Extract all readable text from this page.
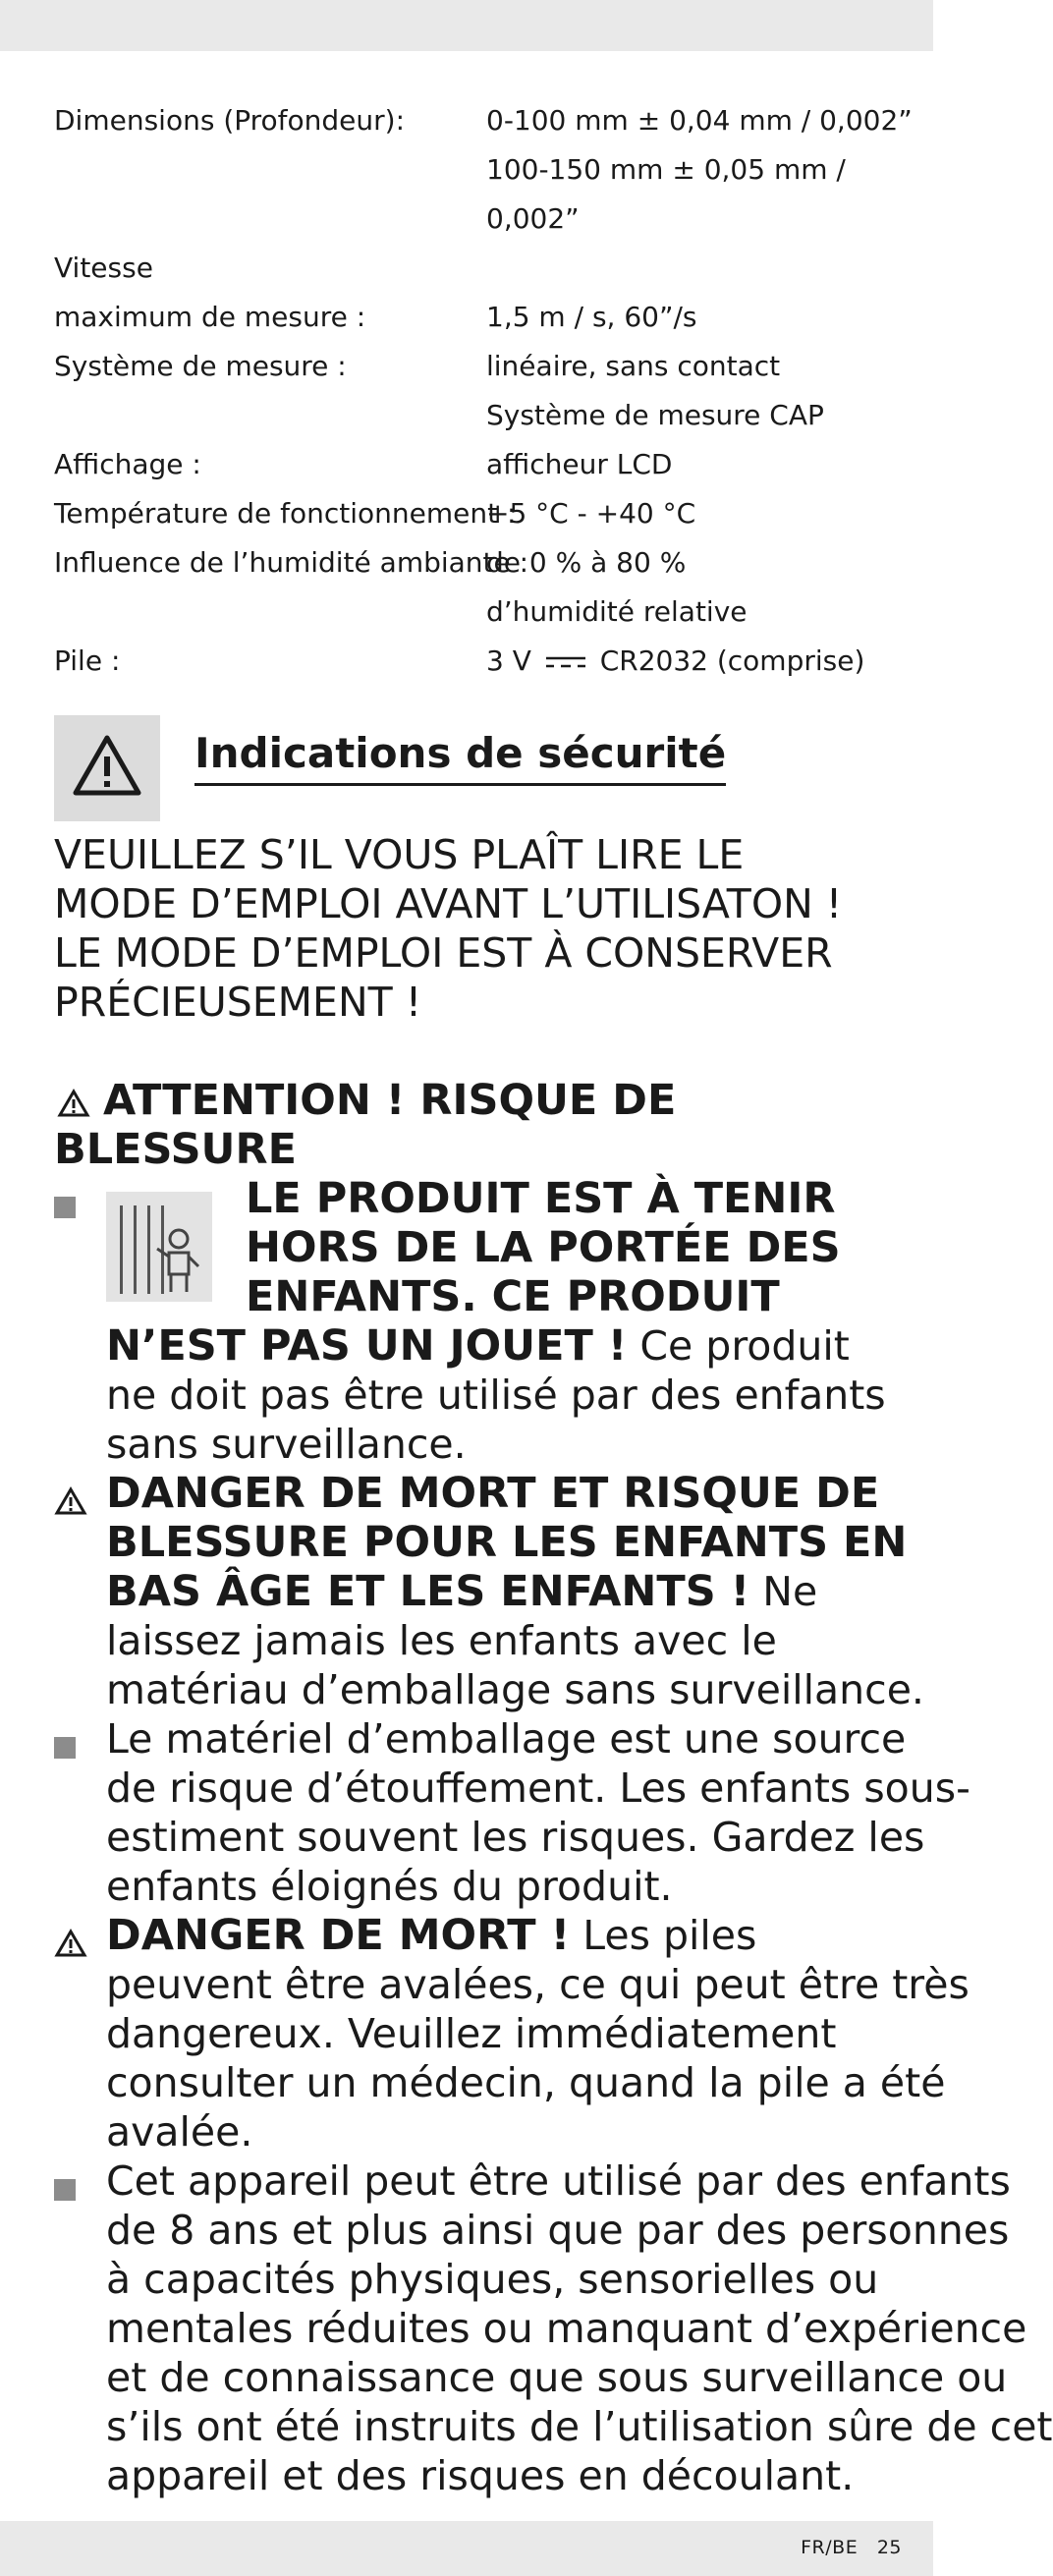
Dimensions (Profondeur):	0-100 mm ± 0,04 mm / 0,002”
100-150 mm ± 0,05 mm /
0,002”
Vitesse
maximum de mesure :	1,5 m / s, 60”/s
Système de mesure :	linéaire, sans contact
Système de mesure CAP
Affichage :	afficheur LCD
Température de fonctionnement :
+5 °C - +40 °C
Influence de l’humidité ambiante :
de 0 % à 80 %
d’humidité relative
Pile :	3 V CR2032 (comprise)
Indications de sécurité
VEUILLEZ S’IL VOUS PLAÎT LIRE LE
MODE D’EMPLOI AVANT L’UTILISATON !
LE MODE D’EMPLOI EST À CONSERVER
PRÉCIEUSEMENT !
ATTENTION ! RISQUE DE
BLESSURE
LE PRODUIT EST À TENIR
HORS DE LA PORTÉE DES
ENFANTS. CE PRODUIT
N’EST PAS UN JOUET ! Ce produit
ne doit pas être utilisé par des enfants
sans surveillance.
DANGER DE MORT ET RISQUE DE
BLESSURE POUR LES ENFANTS EN
BAS ÂGE ET LES ENFANTS ! Ne
laissez jamais les enfants avec le
matériau d’emballage sans surveillance.
Le matériel d’emballage est une source
de risque d’étouffement. Les enfants sous-
estiment souvent les risques. Gardez les
enfants éloignés du produit.
DANGER DE MORT ! Les piles
peuvent être avalées, ce qui peut être très
dangereux. Veuillez immédiatement
consulter un médecin, quand la pile a été
avalée.
Cet appareil peut être utilisé par des enfants
de 8 ans et plus ainsi que par des personnes
à capacités physiques, sensorielles ou
mentales réduites ou manquant d’expérience
et de connaissance que sous surveillance ou
s’ils ont été instruits de l’utilisation sûre de cet
appareil et des risques en découlant.
FR/BE   25
